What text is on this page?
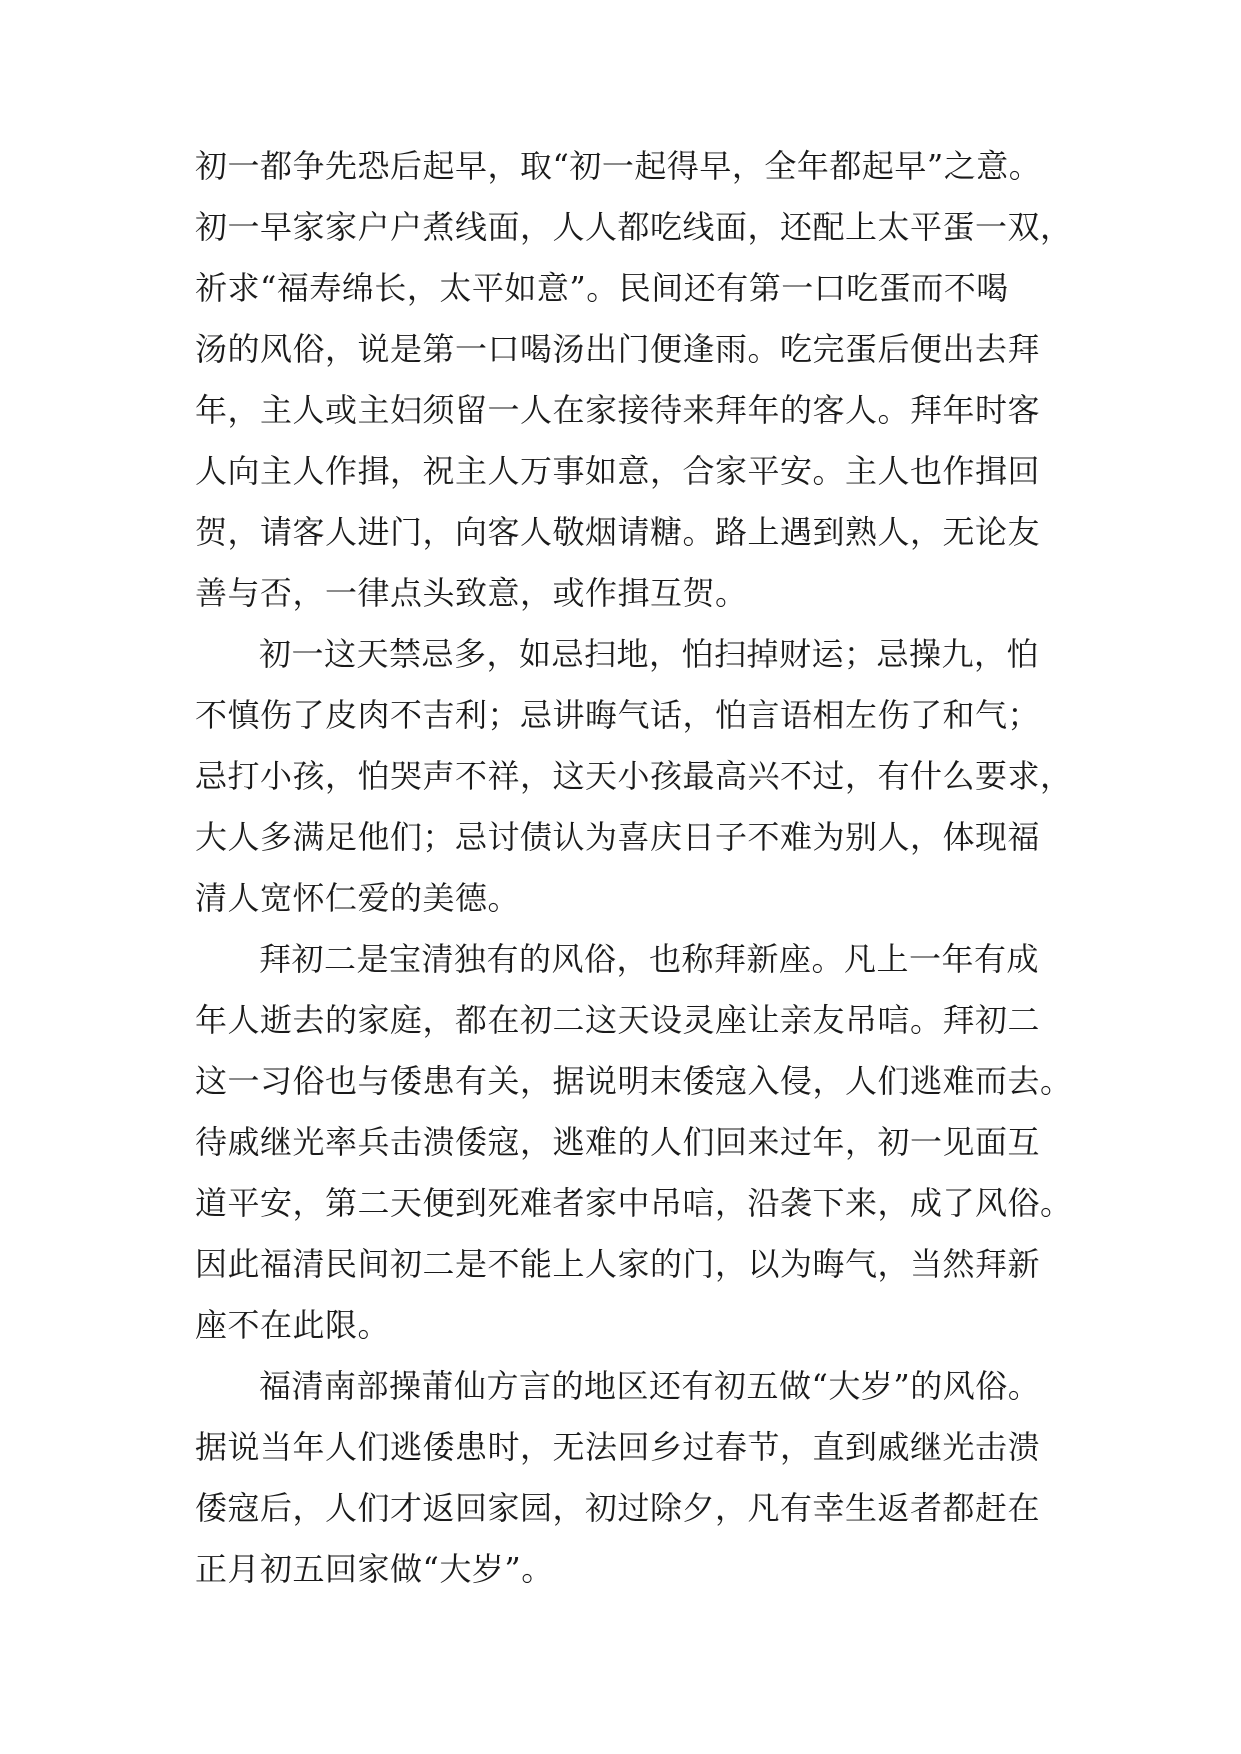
初一都争先恐后起早，取“初一起得早，全年都起早”之意。
初一早家家户户煮线面，人人都吃线面，还配上太平蛋一双，
祈求“福寿绵长，太平如意”。民间还有第一口吃蛋而不喝
汤的风俗，说是第一口喝汤出门便逢雨。吃完蛋后便出去拜
年，主人或主妇须留一人在家接待来拜年的客人。拜年时客
人向主人作揖，祝主人万事如意，合家平安。主人也作揖回
贺，请客人进门，向客人敬烟请糖。路上遇到熟人，无论友
善与否，一律点头致意，或作揖互贺。
初一这天禁忌多，如忌扫地，怕扫掉财运；忌操九，怕
不慎伤了皮肉不吉利；忌讲晦气话，怕言语相左伤了和气；
忌打小孩，怕哭声不祥，这天小孩最高兴不过，有什么要求，
大人多满足他们；忌讨债认为喜庆日子不难为别人，体现福
清人宽怀仁爱的美德。
拜初二是宝清独有的风俗，也称拜新座。凡上一年有成
年人逝去的家庭，都在初二这天设灵座让亲友吊唁。拜初二
这一习俗也与倭患有关，据说明末倭寇入侵，人们逃难而去。
待戚继光率兵击溃倭寇，逃难的人们回来过年，初一见面互
道平安，第二天便到死难者家中吊唁，沿袭下来，成了风俗。
因此福清民间初二是不能上人家的门，以为晦气，当然拜新
座不在此限。
福清南部操莆仙方言的地区还有初五做“大岁”的风俗。
据说当年人们逃倭患时，无法回乡过春节，直到戚继光击溃
倭寇后，人们才返回家园，初过除夕，凡有幸生返者都赶在
正月初五回家做“大岁”。
